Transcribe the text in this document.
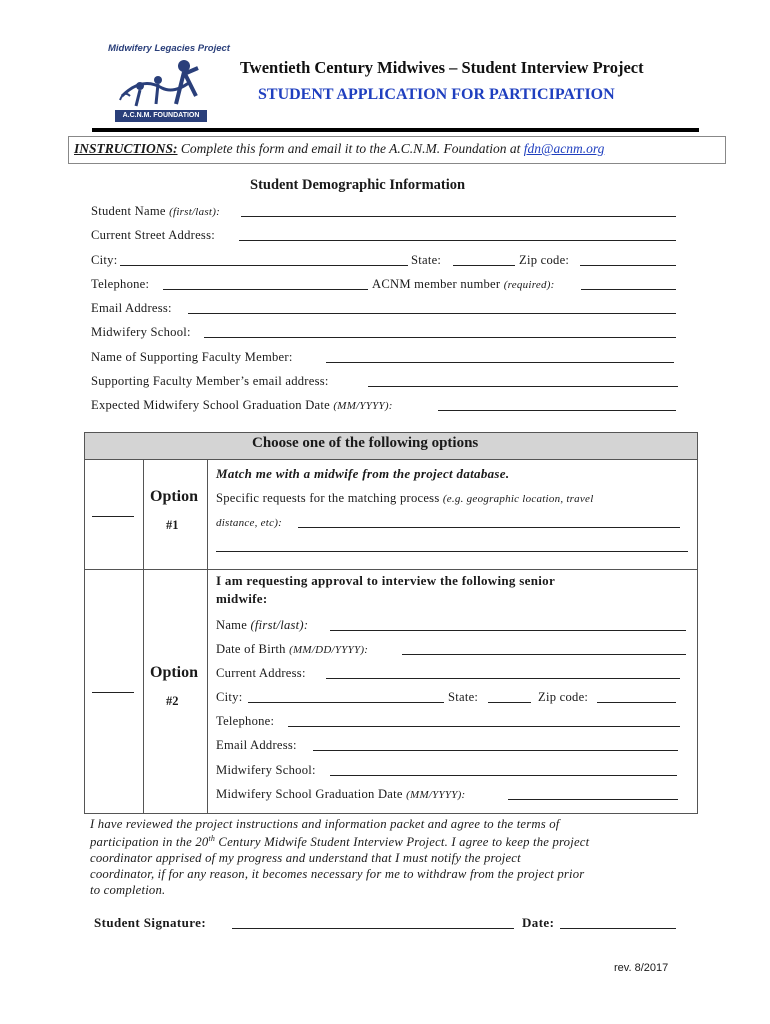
Midwifery Legacies Project
A.C.N.M. FOUNDATION
Twentieth Century Midwives – Student Interview Project
STUDENT APPLICATION FOR PARTICIPATION
INSTRUCTIONS: Complete this form and email it to the A.C.N.M. Foundation at fdn@acnm.org
Student Demographic Information
Student Name (first/last):
Current Street Address:
City:	State:	Zip code:
Telephone:	ACNM member number (required):
Email Address:
Midwifery School:
Name of Supporting Faculty Member:
Supporting Faculty Member’s email address:
Expected Midwifery School Graduation Date (MM/YYYY):
Choose one of the following options
Option
#1
Match me with a midwife from the project database.
Specific requests for the matching process (e.g. geographic location, travel
distance, etc):
Option
#2
I am requesting approval to interview the following senior
midwife:
Name (first/last):
Date of Birth (MM/DD/YYYY):
Current Address:
City:	State:	Zip code:
Telephone:
Email Address:
Midwifery School:
Midwifery School Graduation Date (MM/YYYY):
I have reviewed the project instructions and information packet and agree to the terms of
participation in the 20th Century Midwife Student Interview Project. I agree to keep the project
coordinator apprised of my progress and understand that I must notify the project
coordinator, if for any reason, it becomes necessary for me to withdraw from the project prior
to completion.
Student Signature:	Date:
rev. 8/2017
